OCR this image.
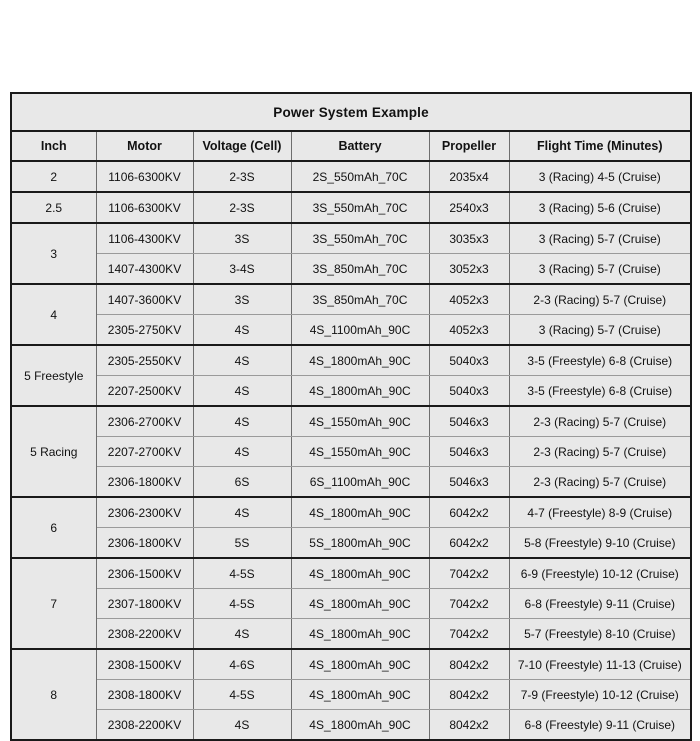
Power System Example					
Inch	Motor	Voltage (Cell)	Battery	Propeller	Flight Time (Minutes)
2	1106-6300KV	2-3S	2S_550mAh_70C	2035x4	3 (Racing) 4-5 (Cruise)
2.5	1106-6300KV	2-3S	3S_550mAh_70C	2540x3	3 (Racing) 5-6 (Cruise)
3	1106-4300KV	3S	3S_550mAh_70C	3035x3	3 (Racing) 5-7 (Cruise)
	1407-4300KV	3-4S	3S_850mAh_70C	3052x3	3 (Racing) 5-7 (Cruise)
4	1407-3600KV	3S	3S_850mAh_70C	4052x3	2-3 (Racing) 5-7 (Cruise)
	2305-2750KV	4S	4S_1100mAh_90C	4052x3	3 (Racing) 5-7 (Cruise)
5 Freestyle	2305-2550KV	4S	4S_1800mAh_90C	5040x3	3-5 (Freestyle) 6-8 (Cruise)
	2207-2500KV	4S	4S_1800mAh_90C	5040x3	3-5 (Freestyle) 6-8 (Cruise)
5 Racing	2306-2700KV	4S	4S_1550mAh_90C	5046x3	2-3 (Racing) 5-7 (Cruise)
	2207-2700KV	4S	4S_1550mAh_90C	5046x3	2-3 (Racing) 5-7 (Cruise)
	2306-1800KV	6S	6S_1100mAh_90C	5046x3	2-3 (Racing) 5-7 (Cruise)
6	2306-2300KV	4S	4S_1800mAh_90C	6042x2	4-7 (Freestyle) 8-9 (Cruise)
	2306-1800KV	5S	5S_1800mAh_90C	6042x2	5-8 (Freestyle) 9-10 (Cruise)
7	2306-1500KV	4-5S	4S_1800mAh_90C	7042x2	6-9 (Freestyle) 10-12 (Cruise)
	2307-1800KV	4-5S	4S_1800mAh_90C	7042x2	6-8 (Freestyle) 9-11 (Cruise)
	2308-2200KV	4S	4S_1800mAh_90C	7042x2	5-7 (Freestyle) 8-10 (Cruise)
8	2308-1500KV	4-6S	4S_1800mAh_90C	8042x2	7-10 (Freestyle) 11-13 (Cruise)
	2308-1800KV	4-5S	4S_1800mAh_90C	8042x2	7-9 (Freestyle) 10-12 (Cruise)
	2308-2200KV	4S	4S_1800mAh_90C	8042x2	6-8 (Freestyle) 9-11 (Cruise)
